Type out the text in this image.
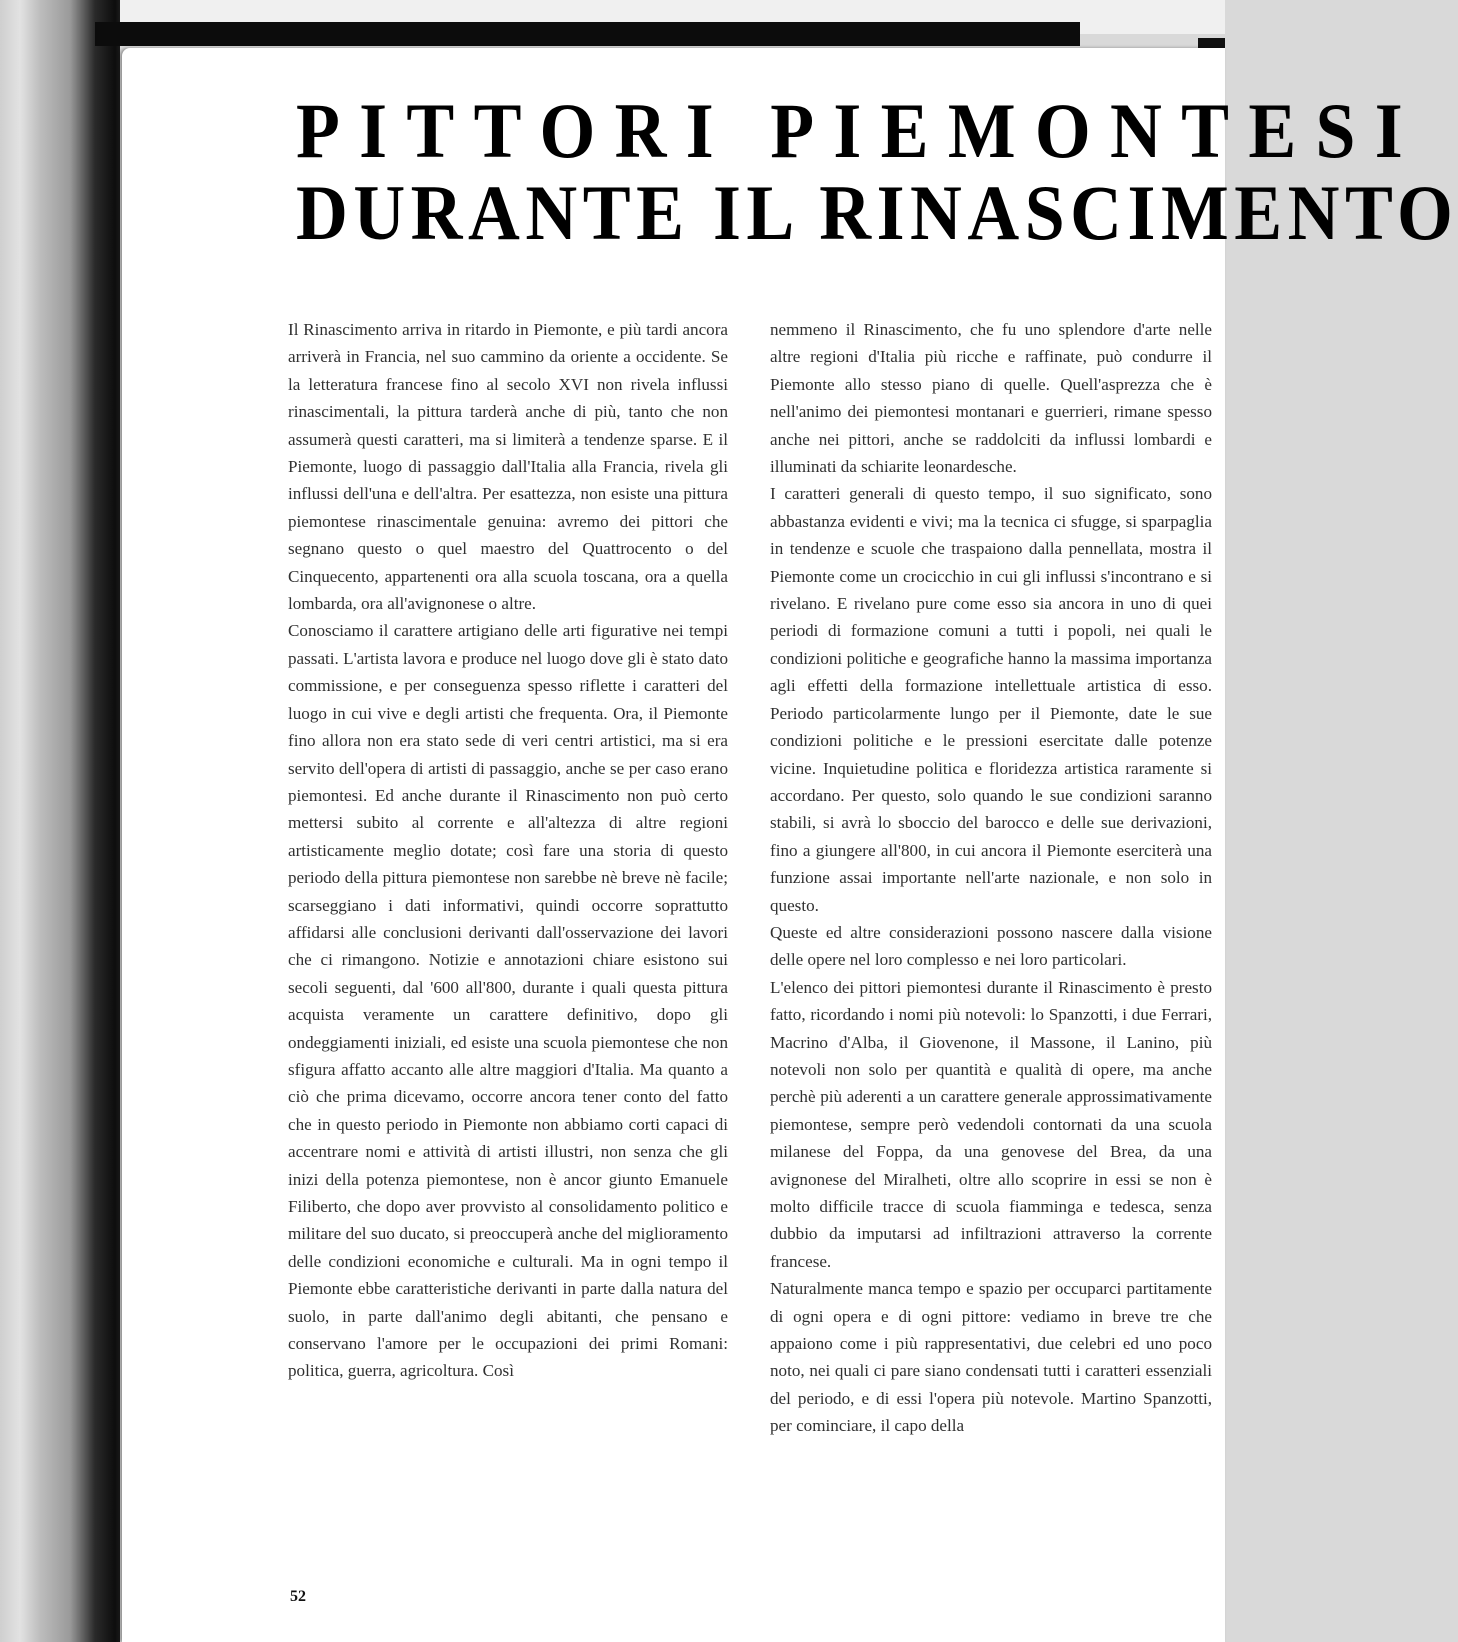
PITTORI PIEMONTESI
DURANTE IL RINASCIMENTO

Il Rinascimento arriva in ritardo in Piemonte, e più tardi ancora arriverà in Francia, nel suo cammino da oriente a occidente. Se la letteratura francese fino al secolo XVI non rivela influssi rinascimentali, la pittura tarderà anche di più, tanto che non assumerà questi caratteri, ma si limiterà a tendenze sparse. E il Piemonte, luogo di passaggio dall'Italia alla Francia, rivela gli influssi dell'una e dell'altra. Per esattezza, non esiste una pittura piemontese rinascimentale genuina: avremo dei pittori che segnano questo o quel maestro del Quattrocento o del Cinquecento, appartenenti ora alla scuola toscana, ora a quella lombarda, ora all'avignonese o altre.

Conosciamo il carattere artigiano delle arti figurative nei tempi passati. L'artista lavora e produce nel luogo dove gli è stato dato commissione, e per conseguenza spesso riflette i caratteri del luogo in cui vive e degli artisti che frequenta. Ora, il Piemonte fino allora non era stato sede di veri centri artistici, ma si era servito dell'opera di artisti di passaggio, anche se per caso erano piemontesi. Ed anche durante il Rinascimento non può certo mettersi subito al corrente e all'altezza di altre regioni artisticamente meglio dotate; così fare una storia di questo periodo della pittura piemontese non sarebbe nè breve nè facile; scarseggiano i dati informativi, quindi occorre soprattutto affidarsi alle conclusioni derivanti dall'osservazione dei lavori che ci rimangono. Notizie e annotazioni chiare esistono sui secoli seguenti, dal '600 all'800, durante i quali questa pittura acquista veramente un carattere definitivo, dopo gli ondeggiamenti iniziali, ed esiste una scuola piemontese che non sfigura affatto accanto alle altre maggiori d'Italia. Ma quanto a ciò che prima dicevamo, occorre ancora tener conto del fatto che in questo periodo in Piemonte non abbiamo corti capaci di accentrare nomi e attività di artisti illustri, non senza che gli inizi della potenza piemontese, non è ancor giunto Emanuele Filiberto, che dopo aver provvisto al consolidamento politico e militare del suo ducato, si preoccuperà anche del miglioramento delle condizioni economiche e culturali. Ma in ogni tempo il Piemonte ebbe caratteristiche derivanti in parte dalla natura del suolo, in parte dall'animo degli abitanti, che pensano e conservano l'amore per le occupazioni dei primi Romani: politica, guerra, agricoltura. Così

nemmeno il Rinascimento, che fu uno splendore d'arte nelle altre regioni d'Italia più ricche e raffinate, può condurre il Piemonte allo stesso piano di quelle. Quell'asprezza che è nell'animo dei piemontesi montanari e guerrieri, rimane spesso anche nei pittori, anche se raddolciti da influssi lombardi e illuminati da schiarite leonardesche.

I caratteri generali di questo tempo, il suo significato, sono abbastanza evidenti e vivi; ma la tecnica ci sfugge, si sparpaglia in tendenze e scuole che traspaiono dalla pennellata, mostra il Piemonte come un crocicchio in cui gli influssi s'incontrano e si rivelano. E rivelano pure come esso sia ancora in uno di quei periodi di formazione comuni a tutti i popoli, nei quali le condizioni politiche e geografiche hanno la massima importanza agli effetti della formazione intellettuale artistica di esso. Periodo particolarmente lungo per il Piemonte, date le sue condizioni politiche e le pressioni esercitate dalle potenze vicine. Inquietudine politica e floridezza artistica raramente si accordano. Per questo, solo quando le sue condizioni saranno stabili, si avrà lo sboccio del barocco e delle sue derivazioni, fino a giungere all'800, in cui ancora il Piemonte eserciterà una funzione assai importante nell'arte nazionale, e non solo in questo.

Queste ed altre considerazioni possono nascere dalla visione delle opere nel loro complesso e nei loro particolari.

L'elenco dei pittori piemontesi durante il Rinascimento è presto fatto, ricordando i nomi più notevoli: lo Spanzotti, i due Ferrari, Macrino d'Alba, il Giovenone, il Massone, il Lanino, più notevoli non solo per quantità e qualità di opere, ma anche perchè più aderenti a un carattere generale approssimativamente piemontese, sempre però vedendoli contornati da una scuola milanese del Foppa, da una genovese del Brea, da una avignonese del Miralheti, oltre allo scoprire in essi se non è molto difficile tracce di scuola fiamminga e tedesca, senza dubbio da imputarsi ad infiltrazioni attraverso la corrente francese.

Naturalmente manca tempo e spazio per occuparci partitamente di ogni opera e di ogni pittore: vediamo in breve tre che appaiono come i più rappresentativi, due celebri ed uno poco noto, nei quali ci pare siano condensati tutti i caratteri essenziali del periodo, e di essi l'opera più notevole. Martino Spanzotti, per cominciare, il capo della

52
